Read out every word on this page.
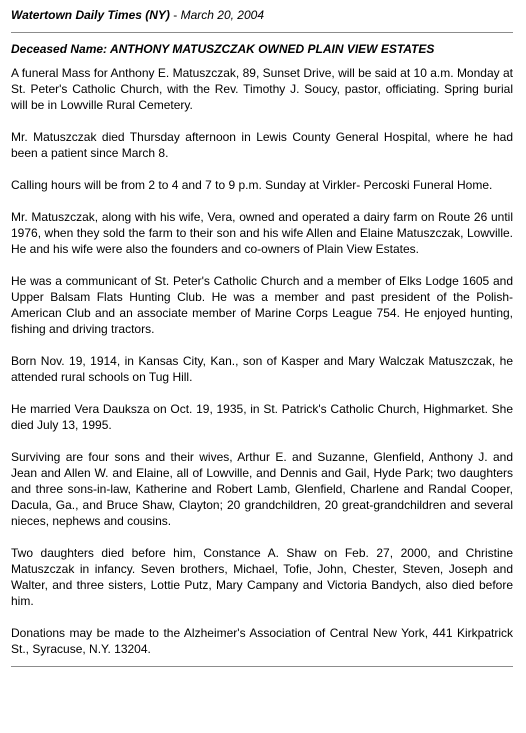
Watertown Daily Times (NY) - March 20, 2004
Deceased Name: ANTHONY MATUSZCZAK OWNED PLAIN VIEW ESTATES

A funeral Mass for Anthony E. Matuszczak, 89, Sunset Drive, will be said at 10 a.m. Monday at St. Peter's Catholic Church, with the Rev. Timothy J. Soucy, pastor, officiating. Spring burial will be in Lowville Rural Cemetery.

Mr. Matuszczak died Thursday afternoon in Lewis County General Hospital, where he had been a patient since March 8.

Calling hours will be from 2 to 4 and 7 to 9 p.m. Sunday at Virkler- Percoski Funeral Home.

Mr. Matuszczak, along with his wife, Vera, owned and operated a dairy farm on Route 26 until 1976, when they sold the farm to their son and his wife Allen and Elaine Matuszczak, Lowville. He and his wife were also the founders and co-owners of Plain View Estates.

He was a communicant of St. Peter's Catholic Church and a member of Elks Lodge 1605 and Upper Balsam Flats Hunting Club. He was a member and past president of the Polish-American Club and an associate member of Marine Corps League 754. He enjoyed hunting, fishing and driving tractors.

Born Nov. 19, 1914, in Kansas City, Kan., son of Kasper and Mary Walczak Matuszczak, he attended rural schools on Tug Hill.

He married Vera Dauksza on Oct. 19, 1935, in St. Patrick's Catholic Church, Highmarket. She died July 13, 1995.

Surviving are four sons and their wives, Arthur E. and Suzanne, Glenfield, Anthony J. and Jean and Allen W. and Elaine, all of Lowville, and Dennis and Gail, Hyde Park; two daughters and three sons-in-law, Katherine and Robert Lamb, Glenfield, Charlene and Randal Cooper, Dacula, Ga., and Bruce Shaw, Clayton; 20 grandchildren, 20 great-grandchildren and several nieces, nephews and cousins.

Two daughters died before him, Constance A. Shaw on Feb. 27, 2000, and Christine Matuszczak in infancy. Seven brothers, Michael, Tofie, John, Chester, Steven, Joseph and Walter, and three sisters, Lottie Putz, Mary Campany and Victoria Bandych, also died before him.

Donations may be made to the Alzheimer's Association of Central New York, 441 Kirkpatrick St., Syracuse, N.Y. 13204.
